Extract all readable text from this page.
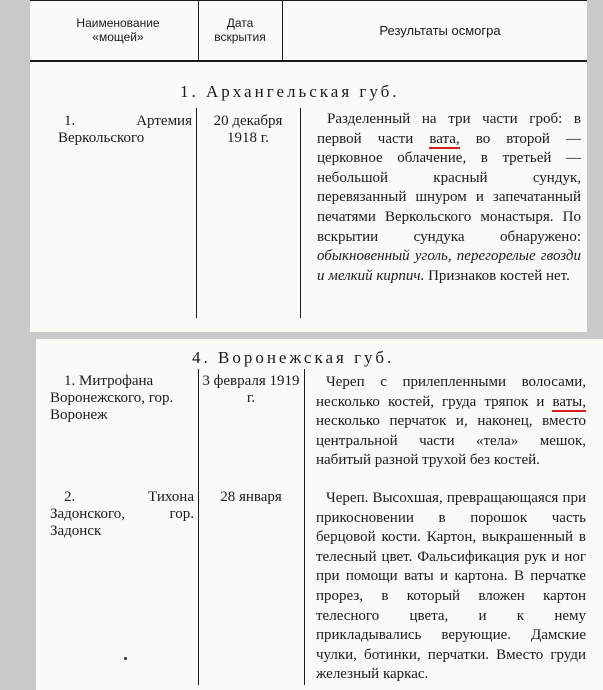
Наименование «мощей»
Дата вскрытия	Результаты осмогра
1. Архангельская губ.
1. Артемия Веркольского
20 декабря 1918 г.
Разделенный на три части гроб: в первой части вата, во второй — церковное облачение, в третьей — небольшой красный сундук, перевязанный шнуром и запечатанный печатями Веркольского монастыря. По вскрытии сундука обнаружено: обыкновенный уголь, перегорелые гвозди и мелкий кирпич. Признаков костей нет.
4. Воронежская губ.
1. Митрофана Воронежского, гор. Воронеж
3 февраля 1919 г.
Череп с прилепленными волосами, несколько костей, груда тряпок и ваты, несколько перчаток и, наконец, вместо центральной части «тела» мешок, набитый разной трухой без костей.
2. Тихона Задонского, гор. Задонск
28 января	Череп. Высохшая, превращающаяся при прикосновении в порошок часть берцовой кости. Картон, выкрашенный в телесный цвет. Фальсификация рук и ног при помощи ваты и картона. В перчатке прорез, в который вложен картон телесного цвета, и к нему прикладывались верующие. Дамские чулки, ботинки, перчатки. Вместо груди железный каркас.
